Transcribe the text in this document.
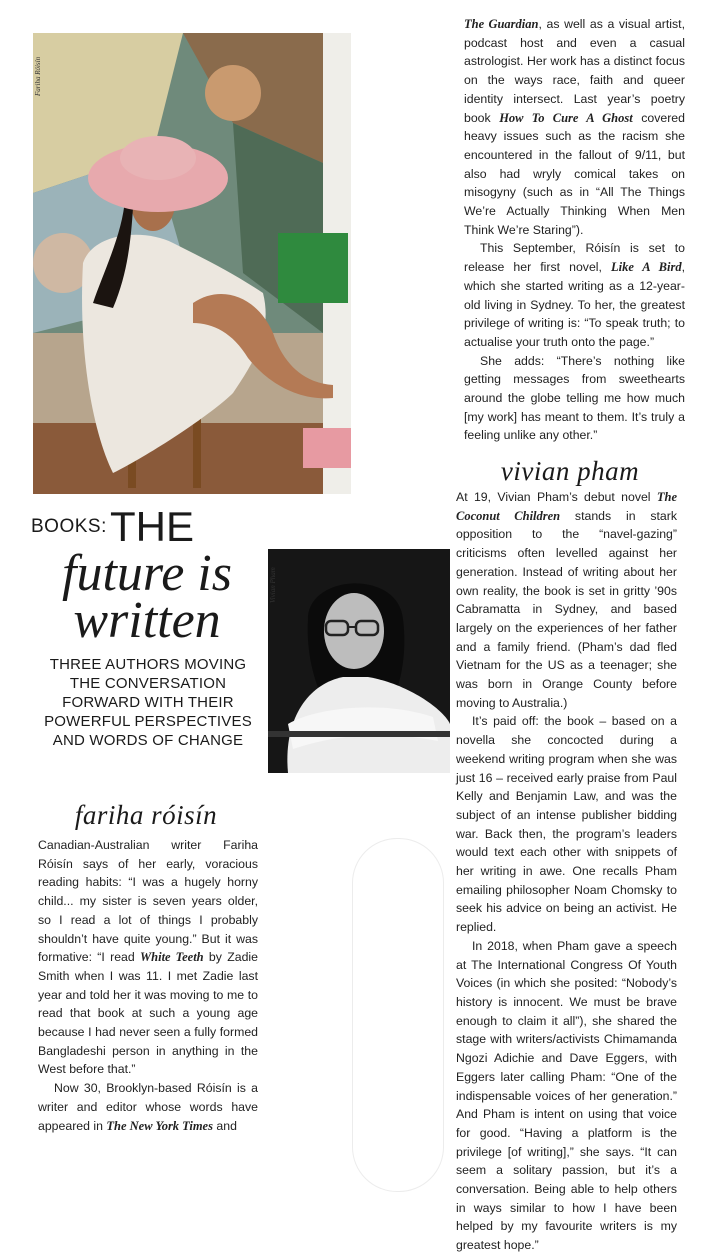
Fariha Róisín
BOOKS: THE
future is
written
THREE AUTHORS MOVING THE CONVERSATION FORWARD WITH THEIR POWERFUL PERSPECTIVES AND WORDS OF CHANGE
fariha róisín

Canadian-Australian writer Fariha Róisín says of her early, voracious reading habits: “I was a hugely horny child... my sister is seven years older, so I read a lot of things I probably shouldn’t have quite young.” But it was formative: “I read White Teeth by Zadie Smith when I was 11. I met Zadie last year and told her it was moving to me to read that book at such a young age because I had never seen a fully formed Bangladeshi person in anything in the West before that.”

Now 30, Brooklyn-based Róisín is a writer and editor whose words have appeared in The New York Times and

The Guardian, as well as a visual artist, podcast host and even a casual astrologist. Her work has a distinct focus on the ways race, faith and queer identity intersect. Last year’s poetry book How To Cure A Ghost covered heavy issues such as the racism she encountered in the fallout of 9/11, but also had wryly comical takes on misogyny (such as in “All The Things We’re Actually Thinking When Men Think We’re Staring”).

This September, Róisín is set to release her first novel, Like A Bird, which she started writing as a 12-year-old living in Sydney. To her, the greatest privilege of writing is: “To speak truth; to actualise your truth onto the page.”

She adds: “There’s nothing like getting messages from sweethearts around the globe telling me how much [my work] has meant to them. It’s truly a feeling unlike any other.”

vivian pham
Vivian Pham

At 19, Vivian Pham’s debut novel The Coconut Children stands in stark opposition to the “navel-gazing” criticisms often levelled against her generation. Instead of writing about her own reality, the book is set in gritty ’90s Cabramatta in Sydney, and based largely on the experiences of her father and a family friend. (Pham’s dad fled Vietnam for the US as a teenager; she was born in Orange County before moving to Australia.)

It’s paid off: the book – based on a novella she concocted during a weekend writing program when she was just 16 – received early praise from Paul Kelly and Benjamin Law, and was the subject of an intense publisher bidding war. Back then, the program’s leaders would text each other with snippets of her writing in awe. One recalls Pham emailing philosopher Noam Chomsky to seek his advice on being an activist. He replied.

In 2018, when Pham gave a speech at The International Congress Of Youth Voices (in which she posited: “Nobody’s history is innocent. We must be brave enough to claim it all”), she shared the stage with writers/activists Chimamanda Ngozi Adichie and Dave Eggers, with Eggers later calling Pham: “One of the indispensable voices of her generation.” And Pham is intent on using that voice for good. “Having a platform is the privilege [of writing],” she says. “It can seem a solitary passion, but it’s a conversation. Being able to help others in ways similar to how I have been helped by my favourite writers is my greatest hope.”
